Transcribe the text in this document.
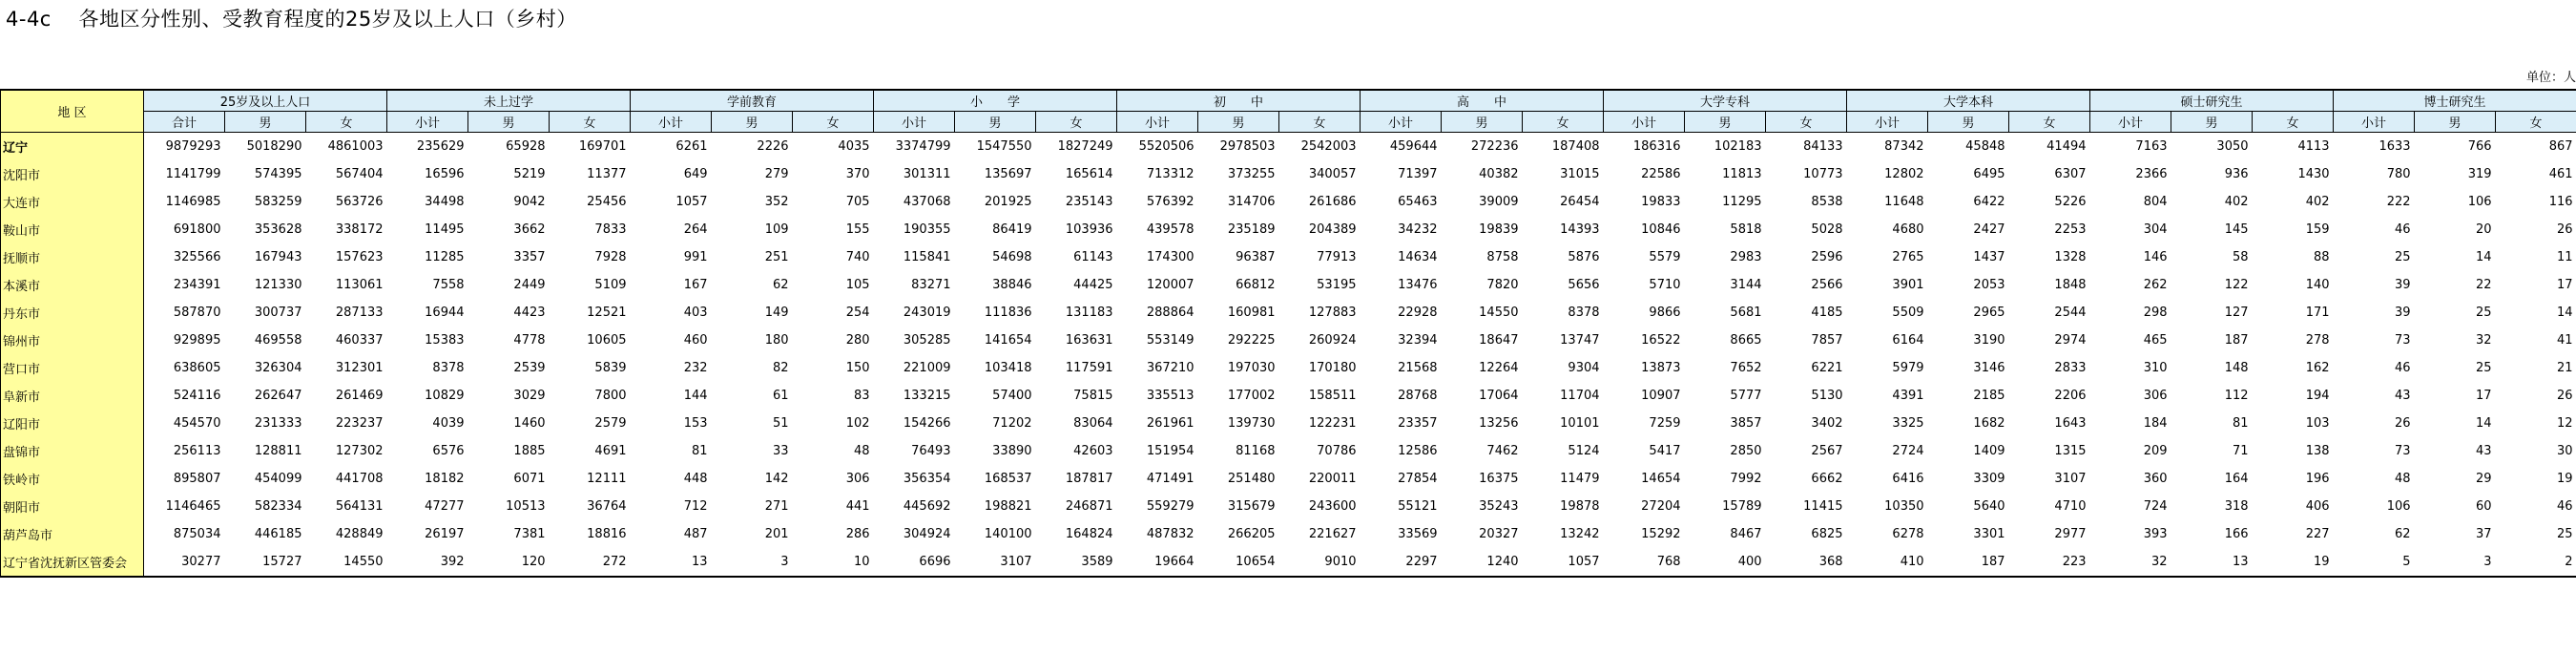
4-4c    各地区分性别、受教育程度的25岁及以上人口（乡村）
单位：人
地 区	25岁及以上人口			未上过学			学前教育			小　　学			初　　中			高　　中			大学专科			大学本科			硕士研究生			博士研究生		
	合计	男	女	小计	男	女	小计	男	女	小计	男	女	小计	男	女	小计	男	女	小计	男	女	小计	男	女	小计	男	女	小计	男	女
辽宁	9879293	5018290	4861003	235629	65928	169701	6261	2226	4035	3374799	1547550	1827249	5520506	2978503	2542003	459644	272236	187408	186316	102183	84133	87342	45848	41494	7163	3050	4113	1633	766	867
沈阳市	1141799	574395	567404	16596	5219	11377	649	279	370	301311	135697	165614	713312	373255	340057	71397	40382	31015	22586	11813	10773	12802	6495	6307	2366	936	1430	780	319	461
大连市	1146985	583259	563726	34498	9042	25456	1057	352	705	437068	201925	235143	576392	314706	261686	65463	39009	26454	19833	11295	8538	11648	6422	5226	804	402	402	222	106	116
鞍山市	691800	353628	338172	11495	3662	7833	264	109	155	190355	86419	103936	439578	235189	204389	34232	19839	14393	10846	5818	5028	4680	2427	2253	304	145	159	46	20	26
抚顺市	325566	167943	157623	11285	3357	7928	991	251	740	115841	54698	61143	174300	96387	77913	14634	8758	5876	5579	2983	2596	2765	1437	1328	146	58	88	25	14	11
本溪市	234391	121330	113061	7558	2449	5109	167	62	105	83271	38846	44425	120007	66812	53195	13476	7820	5656	5710	3144	2566	3901	2053	1848	262	122	140	39	22	17
丹东市	587870	300737	287133	16944	4423	12521	403	149	254	243019	111836	131183	288864	160981	127883	22928	14550	8378	9866	5681	4185	5509	2965	2544	298	127	171	39	25	14
锦州市	929895	469558	460337	15383	4778	10605	460	180	280	305285	141654	163631	553149	292225	260924	32394	18647	13747	16522	8665	7857	6164	3190	2974	465	187	278	73	32	41
营口市	638605	326304	312301	8378	2539	5839	232	82	150	221009	103418	117591	367210	197030	170180	21568	12264	9304	13873	7652	6221	5979	3146	2833	310	148	162	46	25	21
阜新市	524116	262647	261469	10829	3029	7800	144	61	83	133215	57400	75815	335513	177002	158511	28768	17064	11704	10907	5777	5130	4391	2185	2206	306	112	194	43	17	26
辽阳市	454570	231333	223237	4039	1460	2579	153	51	102	154266	71202	83064	261961	139730	122231	23357	13256	10101	7259	3857	3402	3325	1682	1643	184	81	103	26	14	12
盘锦市	256113	128811	127302	6576	1885	4691	81	33	48	76493	33890	42603	151954	81168	70786	12586	7462	5124	5417	2850	2567	2724	1409	1315	209	71	138	73	43	30
铁岭市	895807	454099	441708	18182	6071	12111	448	142	306	356354	168537	187817	471491	251480	220011	27854	16375	11479	14654	7992	6662	6416	3309	3107	360	164	196	48	29	19
朝阳市	1146465	582334	564131	47277	10513	36764	712	271	441	445692	198821	246871	559279	315679	243600	55121	35243	19878	27204	15789	11415	10350	5640	4710	724	318	406	106	60	46
葫芦岛市	875034	446185	428849	26197	7381	18816	487	201	286	304924	140100	164824	487832	266205	221627	33569	20327	13242	15292	8467	6825	6278	3301	2977	393	166	227	62	37	25
辽宁省沈抚新区管委会	30277	15727	14550	392	120	272	13	3	10	6696	3107	3589	19664	10654	9010	2297	1240	1057	768	400	368	410	187	223	32	13	19	5	3	2
